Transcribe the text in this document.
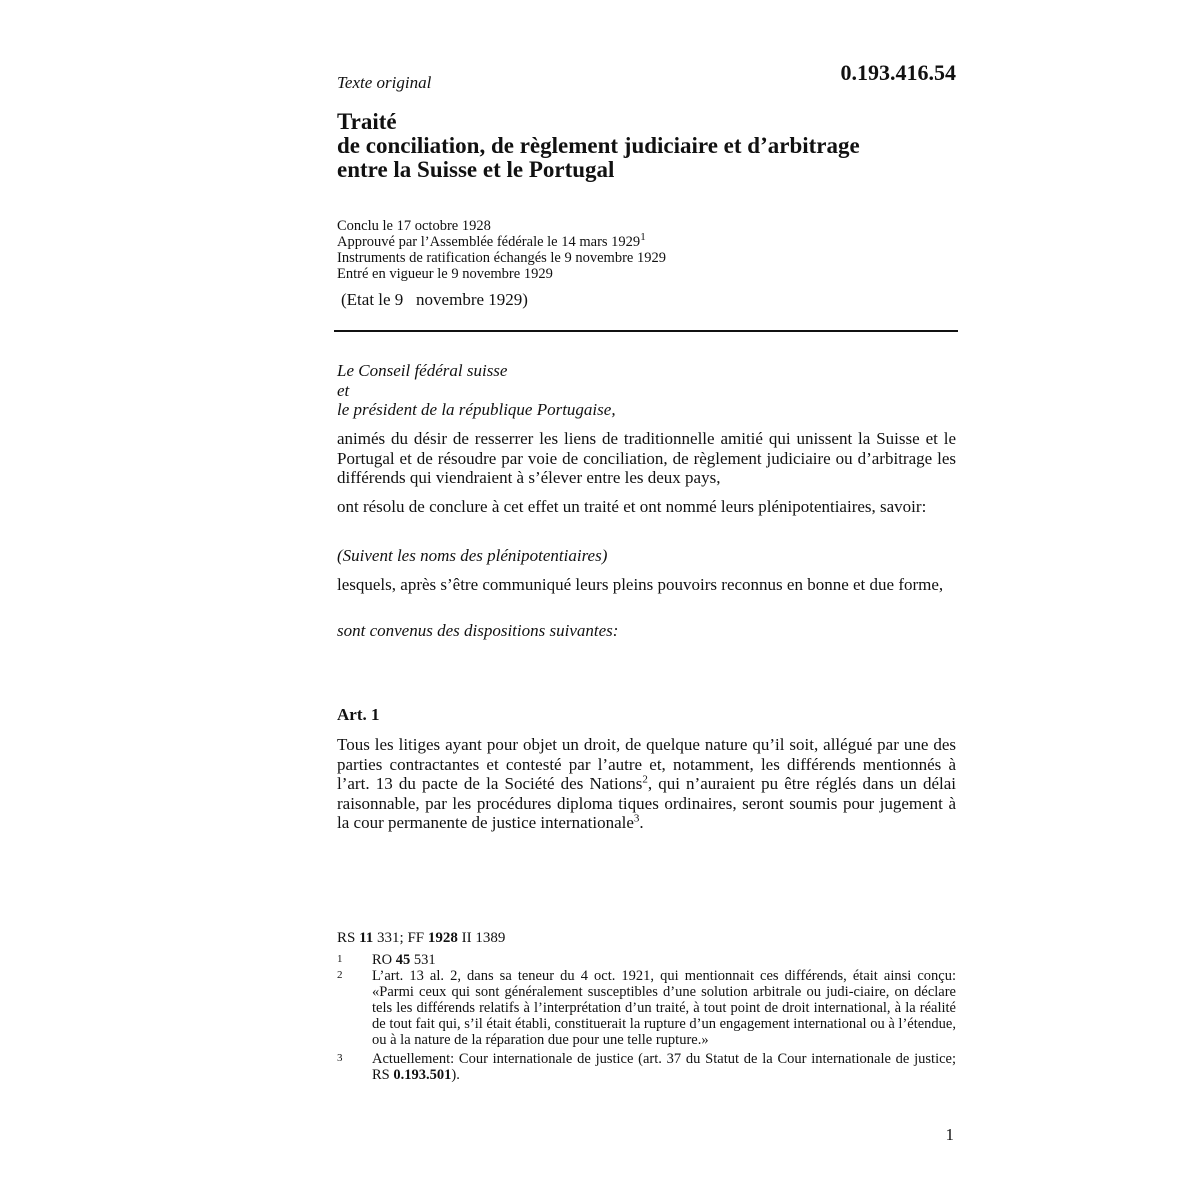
0.193.416.54
Texte original
Traité
de conciliation, de règlement judiciaire et d’arbitrage
entre la Suisse et le Portugal
Conclu le 17 octobre 1928
Approuvé par l’Assemblée fédérale le 14 mars 1929$^1$
Instruments de ratification échangés le 9 novembre 1929
Entré en vigueur le 9 novembre 1929
(Etat le 9   novembre 1929)
Le Conseil fédéral suisse
et
le président de la république Portugaise,
animés du désir de resserrer les liens de traditionnelle amitié qui unissent la Suisse et le Portugal et de résoudre par voie de conciliation, de règlement judiciaire ou d’arbitrage les différends qui viendraient à s’élever entre les deux pays,
ont résolu de conclure à cet effet un traité et ont nommé leurs plénipotentiaires, savoir:
(Suivent les noms des plénipotentiaires)
lesquels, après s’être communiqué leurs pleins pouvoirs reconnus en bonne et due forme,
sont convenus des dispositions suivantes:
Art. 1
Tous les litiges ayant pour objet un droit, de quelque nature qu’il soit, allégué par une des parties contractantes et contesté par l’autre et, notamment, les différends mentionnés à l’art. 13 du pacte de la Société des Nations$^2$, qui n’auraient pu être réglés dans un délai raisonnable, par les procédures diploma tiques ordinaires, seront soumis pour jugement à la cour permanente de justice internationale$^3$.
RS 11 331; FF 1928 II 1389
1 RO 45 531
2 L’art. 13 al. 2, dans sa teneur du 4 oct. 1921, qui mentionnait ces différends, était ainsi conçu: «Parmi ceux qui sont généralement susceptibles d’une solution arbitrale ou judi-ciaire, on déclare tels les différends relatifs à l’interprétation d’un traité, à tout point de droit international, à la réalité de tout fait qui, s’il était établi, constituerait la rupture d’un engagement international ou à l’étendue, ou à la nature de la réparation due pour une telle rupture.»
3 Actuellement: Cour internationale de justice (art. 37 du Statut de la Cour internationale de justice; RS 0.193.501).
1
